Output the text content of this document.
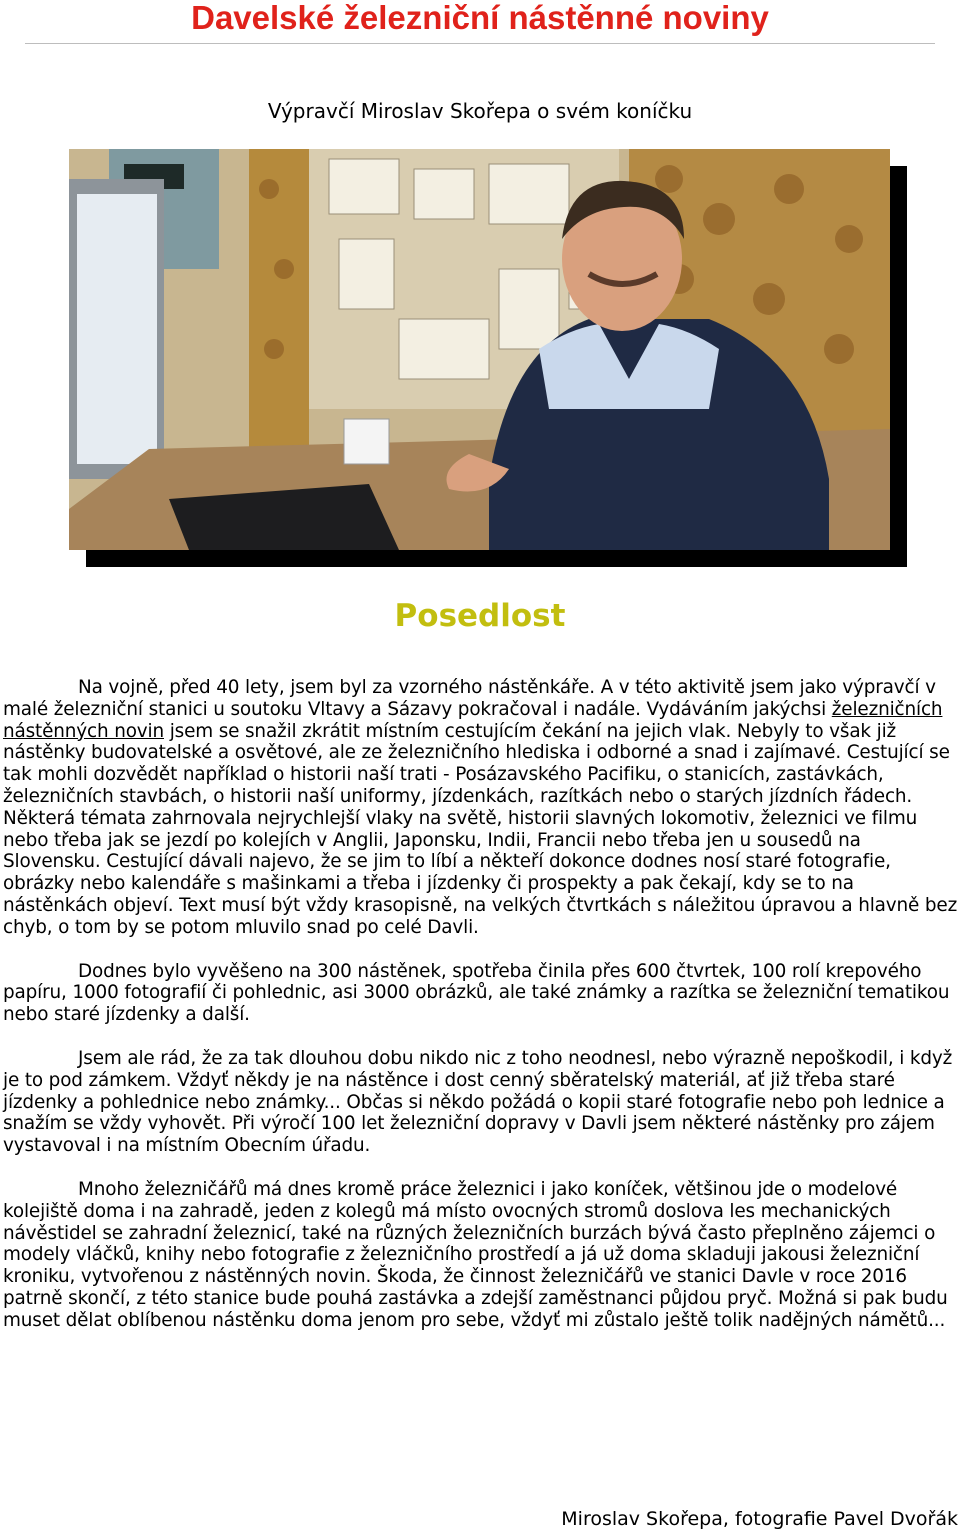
Davelské železniční nástěnné noviny
Výpravčí Miroslav Skořepa o svém koníčku
Posedlost

Na vojně, před 40 lety, jsem byl za vzorného nástěnkáře. A v této aktivitě jsem jako výpravčí v malé železniční stanici u soutoku Vltavy a Sázavy pokračoval i nadále. Vydáváním jakýchsi železničních nástěnných novin jsem se snažil zkrátit místním cestujícím čekání na jejich vlak. Nebyly to však již nástěnky budovatelské a osvětové, ale ze železničního hlediska i odborné a snad i zajímavé. Cestující se tak mohli dozvědět například o historii naší trati - Posázavského Pacifiku, o stanicích, zastávkách, železničních stavbách, o historii naší uniformy, jízdenkách, razítkách nebo o starých jízdních řádech. Některá témata zahrnovala nejrychlejší vlaky na světě, historii slavných lokomotiv, železnici ve filmu nebo třeba jak se jezdí po kolejích v Anglii, Japonsku, Indii, Francii nebo třeba jen u sousedů na Slovensku. Cestující dávali najevo, že se jim to líbí a někteří dokonce dodnes nosí staré fotografie, obrázky nebo kalendáře s mašinkami a třeba i jízdenky či prospekty a pak čekají, kdy se to na nástěnkách objeví. Text musí být vždy krasopisně, na velkých čtvrtkách s náležitou úpravou a hlavně bez chyb, o tom by se potom mluvilo snad po celé Davli.

Dodnes bylo vyvěšeno na 300 nástěnek, spotřeba činila přes 600 čtvrtek, 100 rolí krepového papíru, 1000 fotografií či pohlednic, asi 3000 obrázků, ale také známky a razítka se železniční tematikou nebo staré jízdenky a další.

Jsem ale rád, že za tak dlouhou dobu nikdo nic z toho neodnesl, nebo výrazně nepoškodil, i když je to pod zámkem. Vždyť někdy je na nástěnce i dost cenný sběratelský materiál, ať již třeba staré jízdenky a pohlednice nebo známky... Občas si někdo požádá o kopii staré fotografie nebo poh lednice a snažím se vždy vyhovět. Při výročí 100 let železniční dopravy v Davli jsem některé nástěnky pro zájem vystavoval i na místním Obecním úřadu.

Mnoho železničářů má dnes kromě práce železnici i jako koníček, většinou jde o modelové kolejiště doma i na zahradě, jeden z kolegů má místo ovocných stromů doslova les mechanických návěstidel se zahradní železnicí, také na různých železničních burzách bývá často přeplněno zájemci o modely vláčků, knihy nebo fotografie z železničního prostředí a já už doma skladuji jakousi železniční kroniku, vytvořenou z nástěnných novin. Škoda, že činnost železničářů ve stanici Davle v roce 2016 patrně skončí, z této stanice bude pouhá zastávka a zdejší zaměstnanci půjdou pryč. Možná si pak budu muset dělat oblíbenou nástěnku doma jenom pro sebe, vždyť mi zůstalo ještě tolik nadějných námětů...

Miroslav Skořepa, fotografie Pavel Dvořák
